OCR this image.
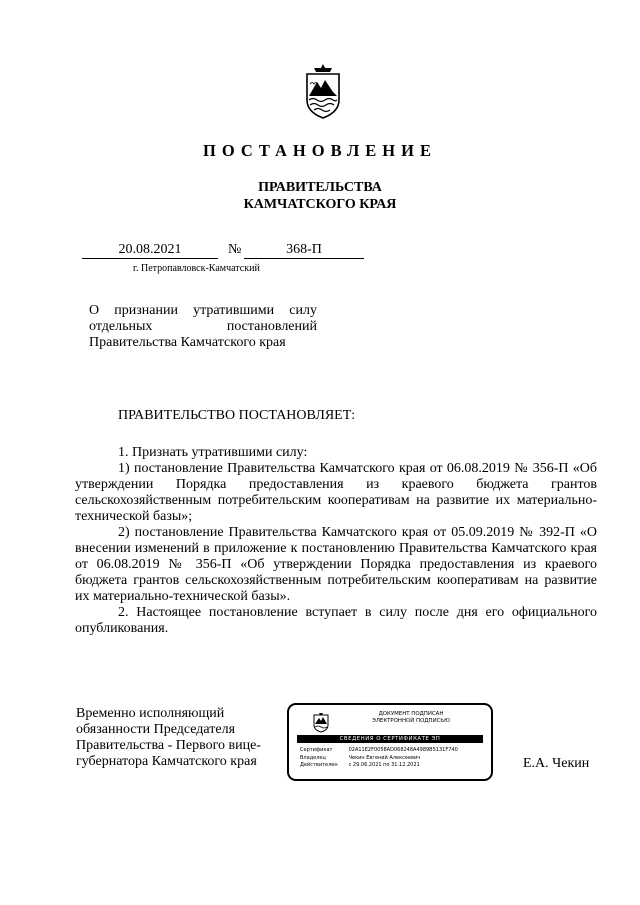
ПОСТАНОВЛЕНИЕ
ПРАВИТЕЛЬСТВА
КАМЧАТСКОГО КРАЯ
20.08.2021	№	368-П
г. Петропавловск-Камчатский
О признании утратившими силу
отдельных постановлений
Правительства Камчатского края
ПРАВИТЕЛЬСТВО ПОСТАНОВЛЯЕТ:
1. Признать утратившими силу:
1) постановление Правительства Камчатского края от 06.08.2019 № 356-П «Об утверждении Порядка предоставления из краевого бюджета грантов сельскохозяйственным потребительским кооперативам на развитие их материально-технической базы»;
2) постановление Правительства Камчатского края от 05.09.2019 № 392-П «О внесении изменений в приложение к постановлению Правительства Камчатского края от 06.08.2019 № 356-П «Об утверждении Порядка предоставления из краевого бюджета грантов сельскохозяйственным потребительским кооперативам на развитие их материально-технической базы».
2. Настоящее постановление вступает в силу после дня его официального опубликования.
Временно исполняющий
обязанности Председателя
Правительства - Первого вице-
губернатора Камчатского края
ДОКУМЕНТ ПОДПИСАН
ЭЛЕКТРОННОЙ ПОДПИСЬЮ
СВЕДЕНИЯ О СЕРТИФИКАТЕ ЭП
Сертификат	02A11E2F0058AD068248A4989B5131F740
Владелец	Чекин Евгений Алексеевич
Действителен с 29.06.2021 по 31.12.2021	Е.А. Чекин
